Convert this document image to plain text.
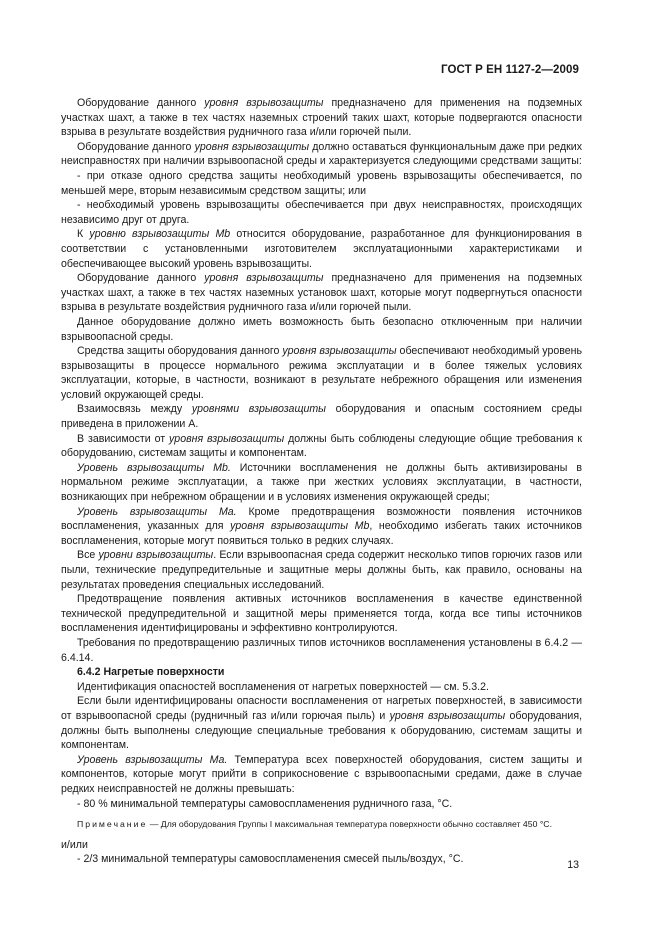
ГОСТ Р ЕН 1127-2—2009

Оборудование данного уровня взрывозащиты предназначено для применения на подземных участках шахт, а также в тех частях наземных строений таких шахт, которые подвергаются опасности взрыва в результате воздействия рудничного газа и/или горючей пыли.

Оборудование данного уровня взрывозащиты должно оставаться функциональным даже при редких неисправностях при наличии взрывоопасной среды и характеризуется следующими средствами защиты:

- при отказе одного средства защиты необходимый уровень взрывозащиты обеспечивается, по меньшей мере, вторым независимым средством защиты; или

- необходимый уровень взрывозащиты обеспечивается при двух неисправностях, происходящих независимо друг от друга.

К уровню взрывозащиты Mb относится оборудование, разработанное для функционирования в соответствии с установленными изготовителем эксплуатационными характеристиками и обеспечивающее высокий уровень взрывозащиты.

Оборудование данного уровня взрывозащиты предназначено для применения на подземных участках шахт, а также в тех частях наземных установок шахт, которые могут подвергнуться опасности взрыва в результате воздействия рудничного газа и/или горючей пыли.

Данное оборудование должно иметь возможность быть безопасно отключенным при наличии взрывоопасной среды.

Средства защиты оборудования данного уровня взрывозащиты обеспечивают необходимый уровень взрывозащиты в процессе нормального режима эксплуатации и в более тяжелых условиях эксплуатации, которые, в частности, возникают в результате небрежного обращения или изменения условий окружающей среды.

Взаимосвязь между уровнями взрывозащиты оборудования и опасным состоянием среды приведена в приложении А.

В зависимости от уровня взрывозащиты должны быть соблюдены следующие общие требования к оборудованию, системам защиты и компонентам.

Уровень взрывозащиты Mb. Источники воспламенения не должны быть активизированы в нормальном режиме эксплуатации, а также при жестких условиях эксплуатации, в частности, возникающих при небрежном обращении и в условиях изменения окружающей среды;

Уровень взрывозащиты Ma. Кроме предотвращения возможности появления источников воспламенения, указанных для уровня взрывозащиты Mb, необходимо избегать таких источников воспламенения, которые могут появиться только в редких случаях.

Все уровни взрывозащиты. Если взрывоопасная среда содержит несколько типов горючих газов или пыли, технические предупредительные и защитные меры должны быть, как правило, основаны на результатах проведения специальных исследований.

Предотвращение появления активных источников воспламенения в качестве единственной технической предупредительной и защитной меры применяется тогда, когда все типы источников воспламенения идентифицированы и эффективно контролируются.

Требования по предотвращению различных типов источников воспламенения установлены в 6.4.2 —6.4.14.

6.4.2 Нагретые поверхности

Идентификация опасностей воспламенения от нагретых поверхностей — см. 5.3.2.

Если были идентифицированы опасности воспламенения от нагретых поверхностей, в зависимости от взрывоопасной среды (рудничный газ и/или горючая пыль) и уровня взрывозащиты оборудования, должны быть выполнены следующие специальные требования к оборудованию, системам защиты и компонентам.

Уровень взрывозащиты Ma. Температура всех поверхностей оборудования, систем защиты и компонентов, которые могут прийти в соприкосновение с взрывоопасными средами, даже в случае редких неисправностей не должны превышать:

- 80 % минимальной температуры самовоспламенения рудничного газа, °С.

Примечание — Для оборудования Группы I максимальная температура поверхности обычно составляет 450 °С.

и/или

- 2/3 минимальной температуры самовоспламенения смесей пыль/воздух, °С.	13
